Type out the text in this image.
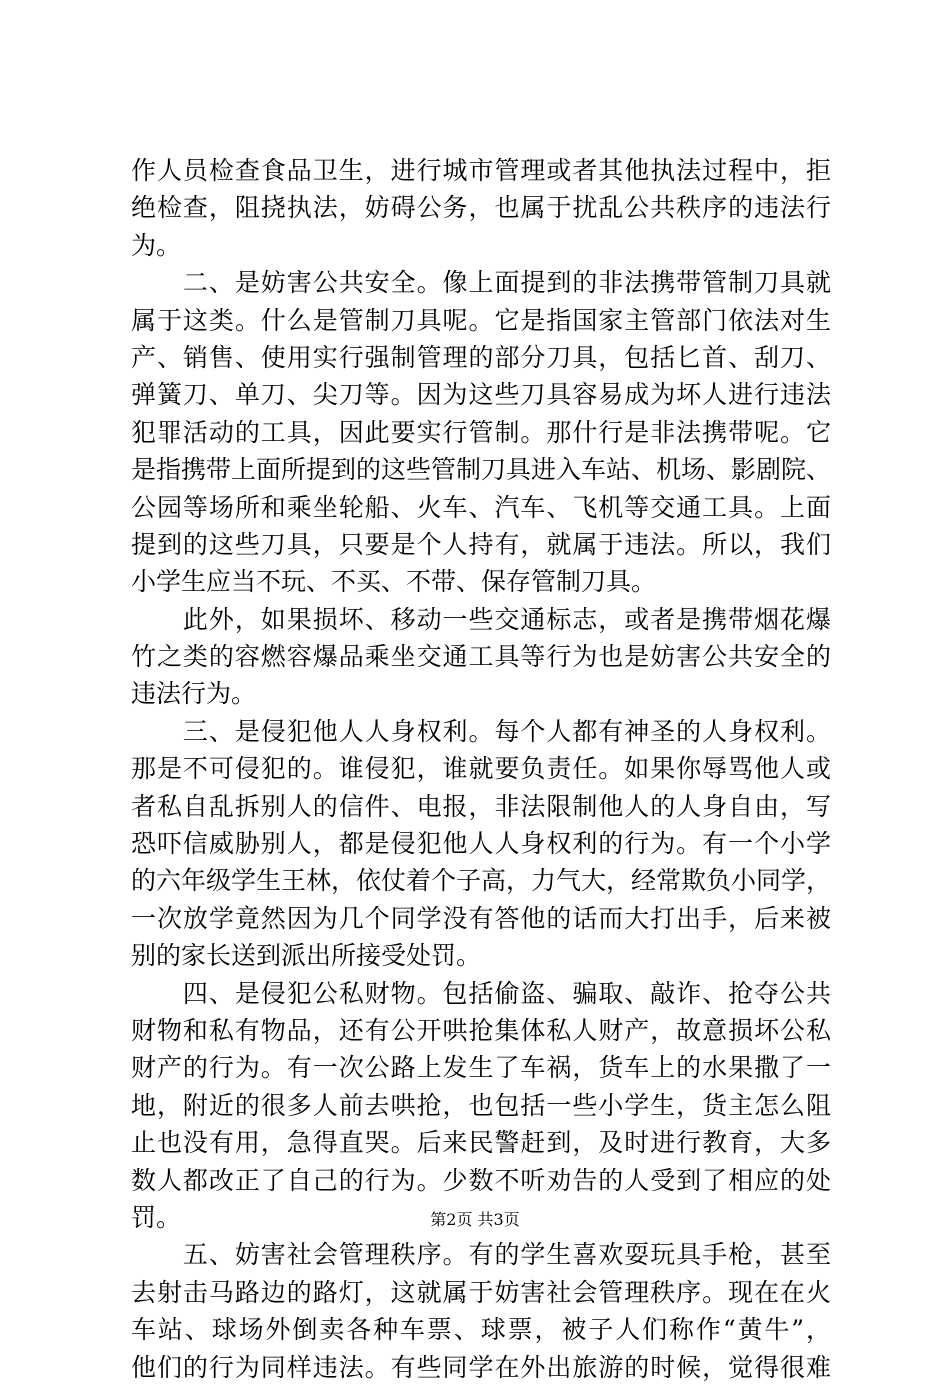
作人员检查食品卫生，进行城市管理或者其他执法过程中，拒
绝检查，阻挠执法，妨碍公务，也属于扰乱公共秩序的违法行
为。
　　二、是妨害公共安全。像上面提到的非法携带管制刀具就
属于这类。什么是管制刀具呢。它是指国家主管部门依法对生
产、销售、使用实行强制管理的部分刀具，包括匕首、刮刀、
弹簧刀、单刀、尖刀等。因为这些刀具容易成为坏人进行违法
犯罪活动的工具，因此要实行管制。那什行是非法携带呢。它
是指携带上面所提到的这些管制刀具进入车站、机场、影剧院、
公园等场所和乘坐轮船、火车、汽车、飞机等交通工具。上面
提到的这些刀具，只要是个人持有，就属于违法。所以，我们
小学生应当不玩、不买、不带、保存管制刀具。
　　此外，如果损坏、移动一些交通标志，或者是携带烟花爆
竹之类的容燃容爆品乘坐交通工具等行为也是妨害公共安全的
违法行为。
　　三、是侵犯他人人身权利。每个人都有神圣的人身权利。
那是不可侵犯的。谁侵犯，谁就要负责任。如果你辱骂他人或
者私自乱拆别人的信件、电报，非法限制他人的人身自由，写
恐吓信威胁别人，都是侵犯他人人身权利的行为。有一个小学
的六年级学生王林，依仗着个子高，力气大，经常欺负小同学，
一次放学竟然因为几个同学没有答他的话而大打出手，后来被
别的家长送到派出所接受处罚。
　　四、是侵犯公私财物。包括偷盗、骗取、敲诈、抢夺公共
财物和私有物品，还有公开哄抢集体私人财产，故意损坏公私
财产的行为。有一次公路上发生了车祸，货车上的水果撒了一
地，附近的很多人前去哄抢，也包括一些小学生，货主怎么阻
止也没有用，急得直哭。后来民警赶到，及时进行教育，大多
数人都改正了自己的行为。少数不听劝告的人受到了相应的处
罚。
　　五、妨害社会管理秩序。有的学生喜欢耍玩具手枪，甚至
去射击马路边的路灯，这就属于妨害社会管理秩序。现在在火
车站、球场外倒卖各种车票、球票，被子人们称作“黄牛”，
他们的行为同样违法。有些同学在外出旅游的时候，觉得很难
第2页 共3页
